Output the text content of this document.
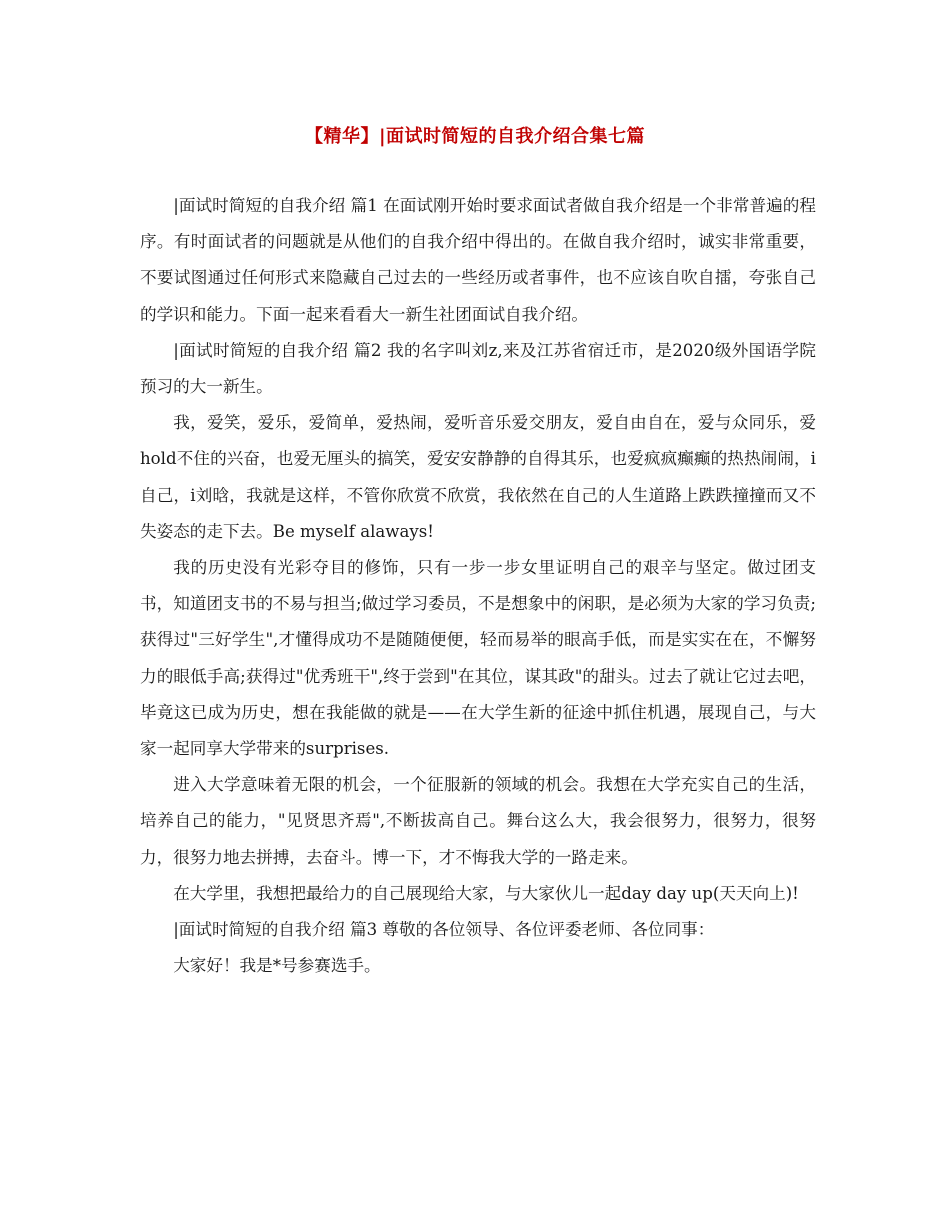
【精华】|面试时简短的自我介绍合集七篇

|面试时简短的自我介绍 篇1 在面试刚开始时要求面试者做自我介绍是一个非常普遍的程序。有时面试者的问题就是从他们的自我介绍中得出的。在做自我介绍时，诚实非常重要，不要试图通过任何形式来隐藏自己过去的一些经历或者事件，也不应该自吹自擂，夸张自己的学识和能力。下面一起来看看大一新生社团面试自我介绍。

|面试时简短的自我介绍 篇2 我的名字叫刘z,来及江苏省宿迁市，是2020级外国语学院预习的大一新生。

我，爱笑，爱乐，爱简单，爱热闹，爱听音乐爱交朋友，爱自由自在，爱与众同乐，爱hold不住的兴奋，也爱无厘头的搞笑，爱安安静静的自得其乐，也爱疯疯癫癫的热热闹闹，i自己，i刘晗，我就是这样，不管你欣赏不欣赏，我依然在自己的人生道路上跌跌撞撞而又不失姿态的走下去。Be myself alaways!

我的历史没有光彩夺目的修饰，只有一步一步女里证明自己的艰辛与坚定。做过团支书，知道团支书的不易与担当;做过学习委员，不是想象中的闲职，是必须为大家的学习负责;获得过"三好学生",才懂得成功不是随随便便，轻而易举的眼高手低，而是实实在在，不懈努力的眼低手高;获得过"优秀班干",终于尝到"在其位，谋其政"的甜头。过去了就让它过去吧，毕竟这已成为历史，想在我能做的就是——在大学生新的征途中抓住机遇，展现自己，与大家一起同享大学带来的surprises.

进入大学意味着无限的机会，一个征服新的领域的机会。我想在大学充实自己的生活，培养自己的能力，"见贤思齐焉",不断拔高自己。舞台这么大，我会很努力，很努力，很努力，很努力地去拼搏，去奋斗。博一下，才不悔我大学的一路走来。

在大学里，我想把最给力的自己展现给大家，与大家伙儿一起day day up(天天向上)!

|面试时简短的自我介绍 篇3 尊敬的各位领导、各位评委老师、各位同事：

大家好！我是*号参赛选手。
